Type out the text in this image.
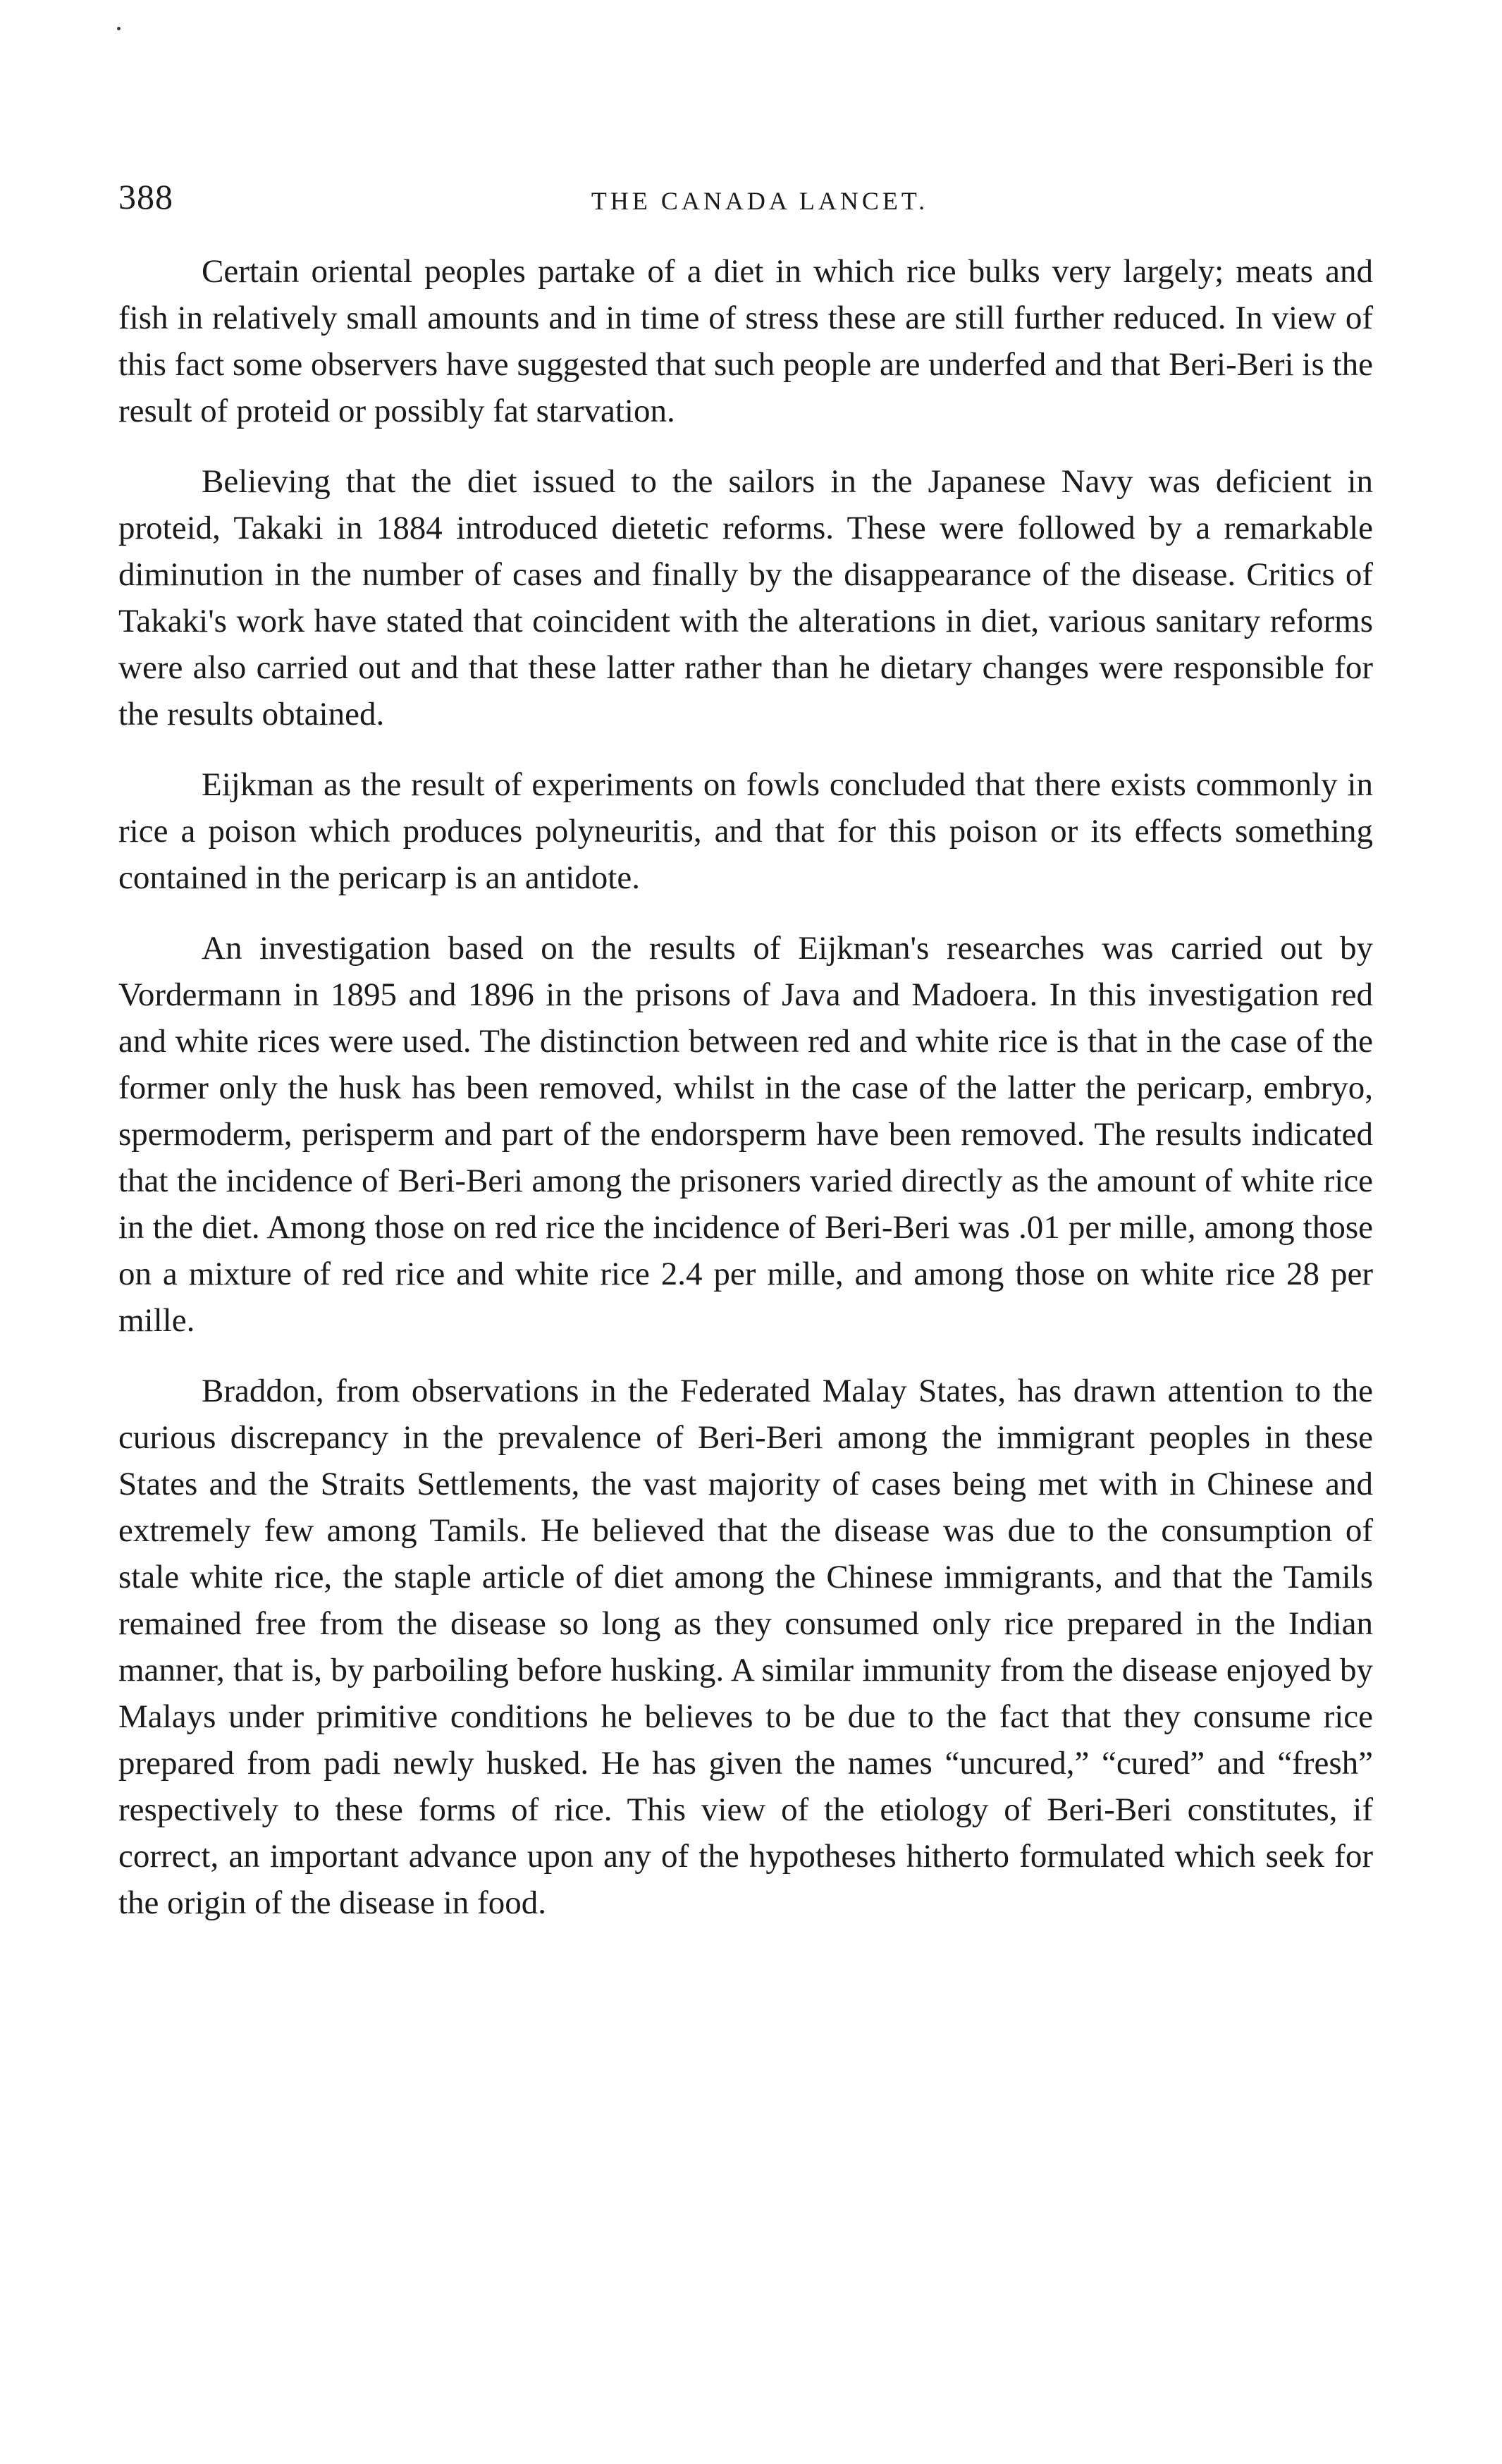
388	THE CANADA LANCET.

Certain oriental peoples partake of a diet in which rice bulks very largely; meats and fish in relatively small amounts and in time of stress these are still further reduced. In view of this fact some observers have suggested that such people are underfed and that Beri-Beri is the result of proteid or possibly fat starvation.

Believing that the diet issued to the sailors in the Japanese Navy was deficient in proteid, Takaki in 1884 introduced dietetic reforms. These were followed by a remarkable diminution in the number of cases and finally by the disappearance of the disease. Critics of Takaki's work have stated that coincident with the alterations in diet, various sanitary reforms were also carried out and that these latter rather than he dietary changes were responsible for the results obtained.

Eijkman as the result of experiments on fowls concluded that there exists commonly in rice a poison which produces polyneuritis, and that for this poison or its effects something contained in the pericarp is an antidote.

An investigation based on the results of Eijkman's researches was carried out by Vordermann in 1895 and 1896 in the prisons of Java and Madoera. In this investigation red and white rices were used. The distinction between red and white rice is that in the case of the former only the husk has been removed, whilst in the case of the latter the pericarp, embryo, spermoderm, perisperm and part of the endorsperm have been removed. The results indicated that the incidence of Beri-Beri among the prisoners varied directly as the amount of white rice in the diet. Among those on red rice the incidence of Beri-Beri was .01 per mille, among those on a mixture of red rice and white rice 2.4 per mille, and among those on white rice 28 per mille.

Braddon, from observations in the Federated Malay States, has drawn attention to the curious discrepancy in the prevalence of Beri-Beri among the immigrant peoples in these States and the Straits Settlements, the vast majority of cases being met with in Chinese and extremely few among Tamils. He believed that the disease was due to the consumption of stale white rice, the staple article of diet among the Chinese immigrants, and that the Tamils remained free from the disease so long as they consumed only rice prepared in the Indian manner, that is, by parboiling before husking. A similar immunity from the disease enjoyed by Malays under primitive conditions he believes to be due to the fact that they consume rice prepared from padi newly husked. He has given the names “uncured,” “cured” and “fresh” respectively to these forms of rice. This view of the etiology of Beri-Beri constitutes, if correct, an important advance upon any of the hypotheses hitherto formulated which seek for the origin of the disease in food.
